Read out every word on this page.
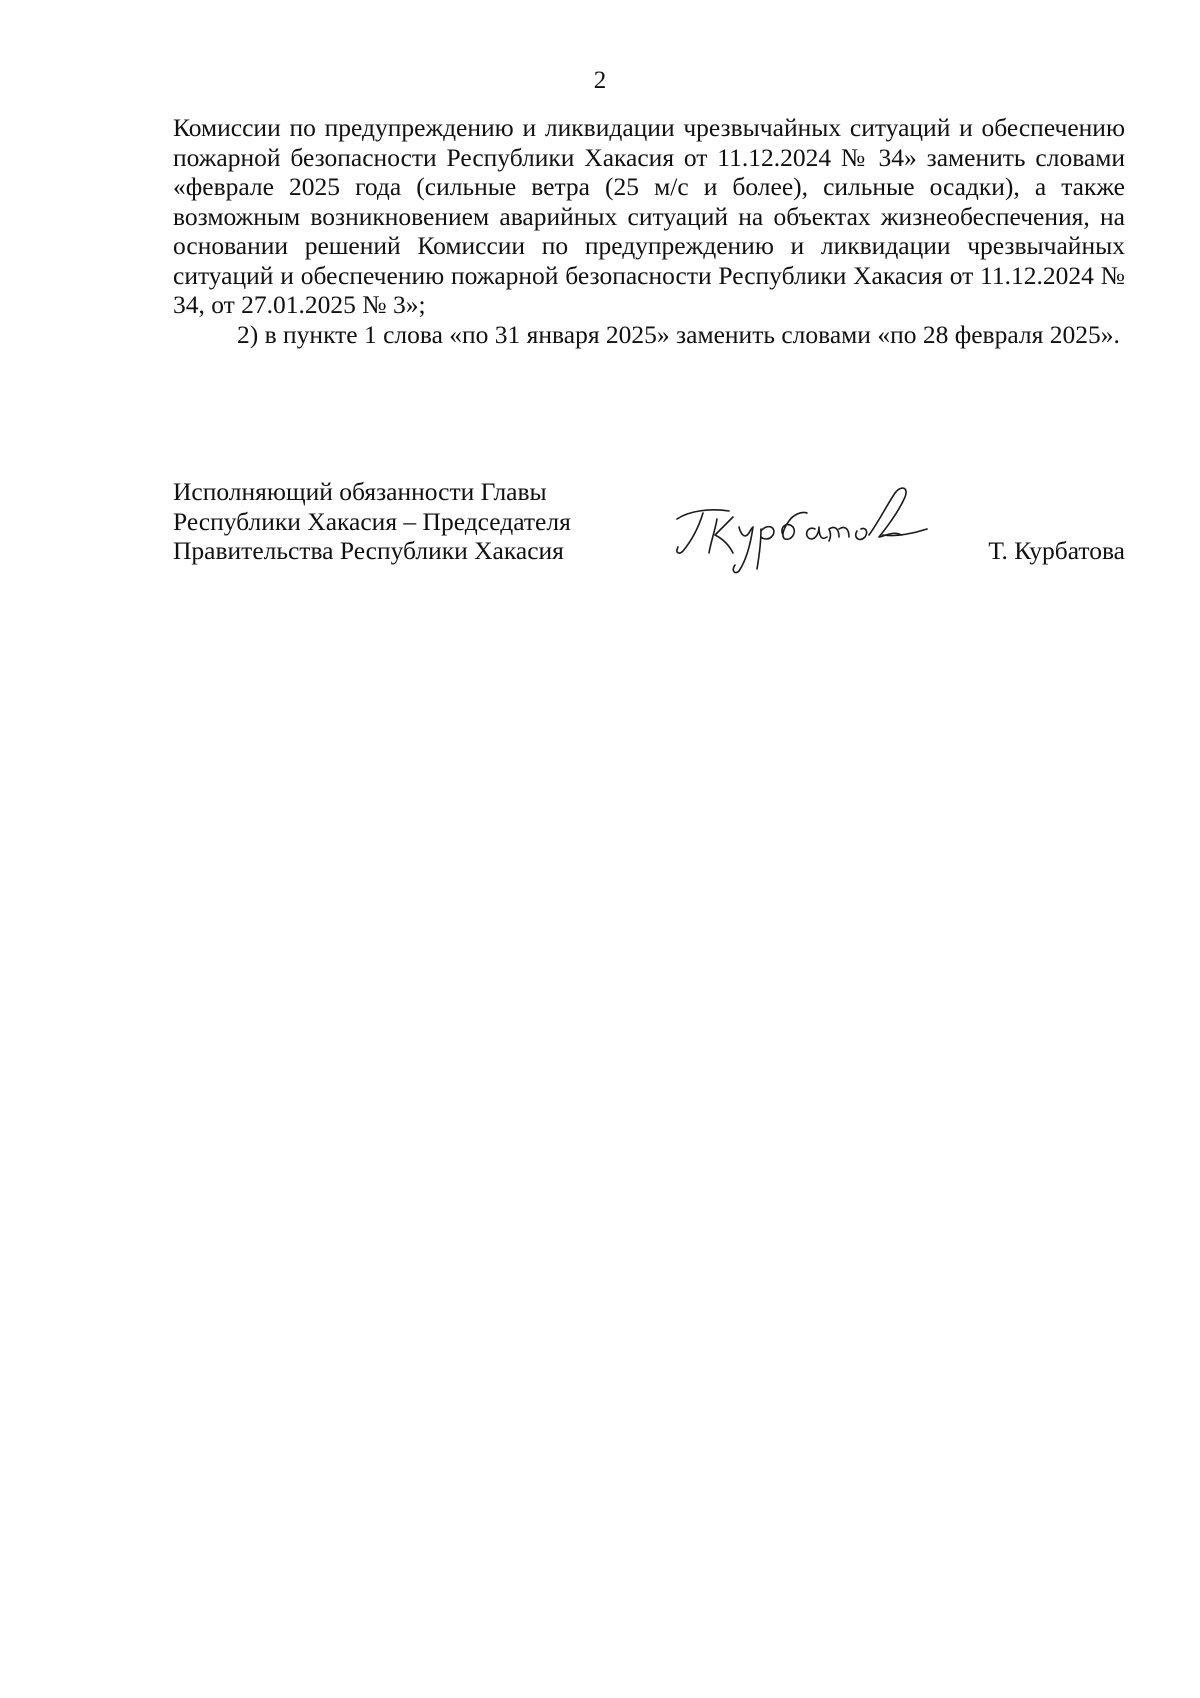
2

Комиссии по предупреждению и ликвидации чрезвычайных ситуаций и обеспечению пожарной безопасности Республики Хакасия от 11.12.2024 № 34» заменить словами «феврале 2025 года (сильные ветра (25 м/с и более), сильные осадки), а также возможным возникновением аварийных ситуаций на объектах жизнеобеспечения, на основании решений Комиссии по предупреждению и ликвидации чрезвычайных ситуаций и обеспечению пожарной безопасности Республики Хакасия от 11.12.2024 № 34, от 27.01.2025 № 3»;

2) в пункте 1 слова «по 31 января 2025» заменить словами «по 28 февраля 2025».

Исполняющий обязанности Главы
Республики Хакасия – Председателя
Правительства Республики Хакасия	Т. Курбатова
